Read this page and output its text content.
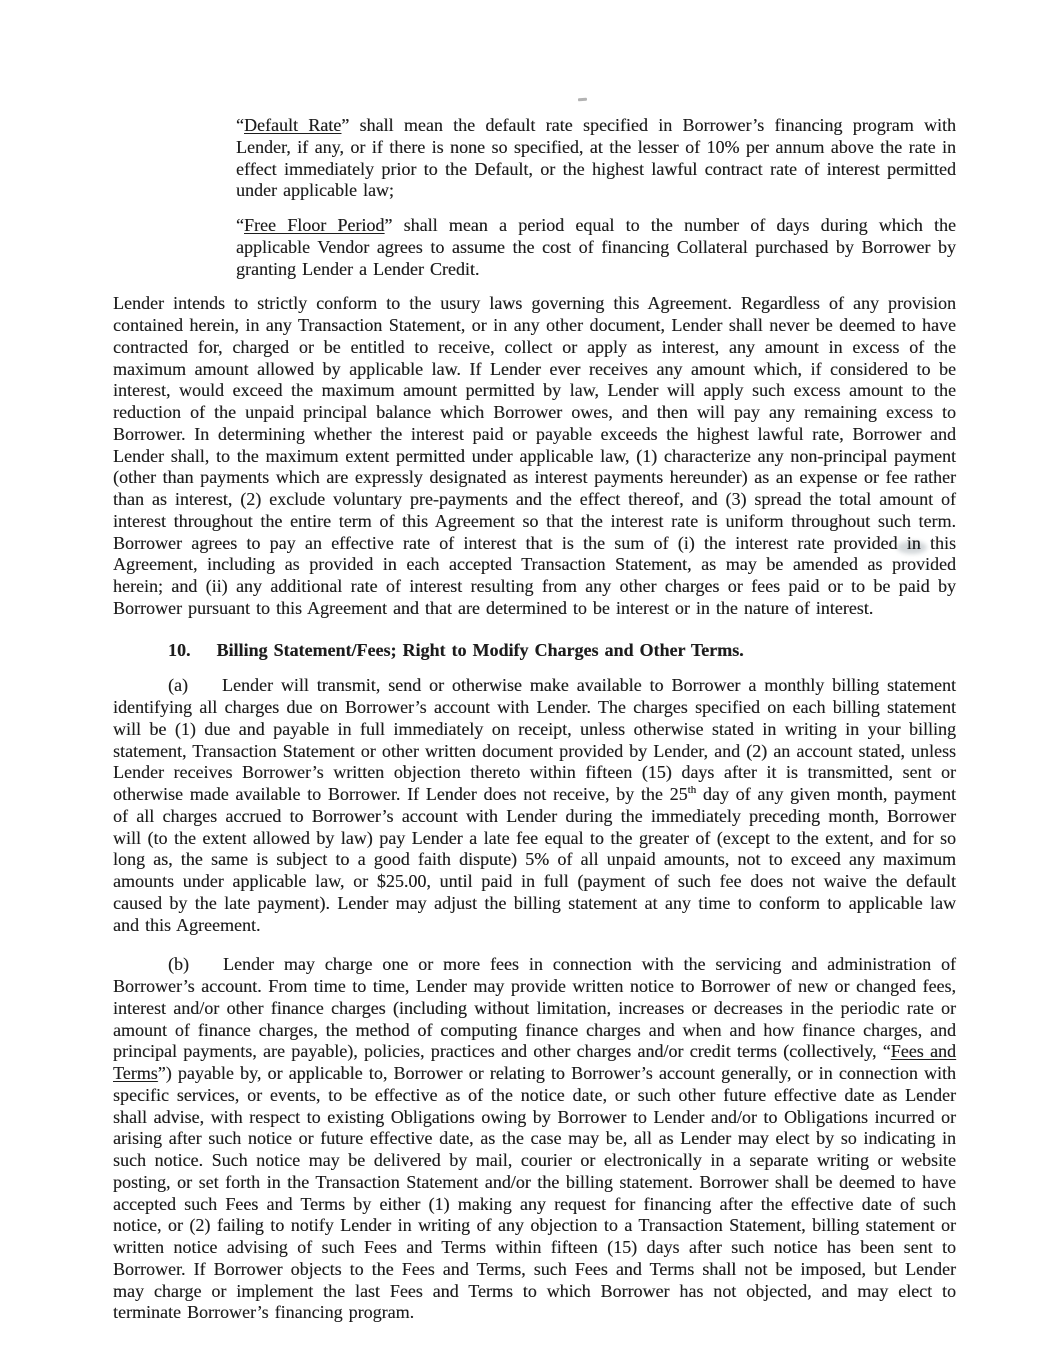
“Default Rate” shall mean the default rate specified in Borrower’s financing program with Lender, if any, or if there is none so specified, at the lesser of 10% per annum above the rate in effect immediately prior to the Default, or the highest lawful contract rate of interest permitted under applicable law;
“Free Floor Period” shall mean a period equal to the number of days during which the applicable Vendor agrees to assume the cost of financing Collateral purchased by Borrower by granting Lender a Lender Credit.
Lender intends to strictly conform to the usury laws governing this Agreement. Regardless of any provision contained herein, in any Transaction Statement, or in any other document, Lender shall never be deemed to have contracted for, charged or be entitled to receive, collect or apply as interest, any amount in excess of the maximum amount allowed by applicable law. If Lender ever receives any amount which, if considered to be interest, would exceed the maximum amount permitted by law, Lender will apply such excess amount to the reduction of the unpaid principal balance which Borrower owes, and then will pay any remaining excess to Borrower. In determining whether the interest paid or payable exceeds the highest lawful rate, Borrower and Lender shall, to the maximum extent permitted under applicable law, (1) characterize any non-principal payment (other than payments which are expressly designated as interest payments hereunder) as an expense or fee rather than as interest, (2) exclude voluntary pre-payments and the effect thereof, and (3) spread the total amount of interest throughout the entire term of this Agreement so that the interest rate is uniform throughout such term. Borrower agrees to pay an effective rate of interest that is the sum of (i) the interest rate provided in this Agreement, including as provided in each accepted Transaction Statement, as may be amended as provided herein; and (ii) any additional rate of interest resulting from any other charges or fees paid or to be paid by Borrower pursuant to this Agreement and that are determined to be interest or in the nature of interest.
10. Billing Statement/Fees; Right to Modify Charges and Other Terms.
(a) Lender will transmit, send or otherwise make available to Borrower a monthly billing statement identifying all charges due on Borrower’s account with Lender. The charges specified on each billing statement will be (1) due and payable in full immediately on receipt, unless otherwise stated in writing in your billing statement, Transaction Statement or other written document provided by Lender, and (2) an account stated, unless Lender receives Borrower’s written objection thereto within fifteen (15) days after it is transmitted, sent or otherwise made available to Borrower. If Lender does not receive, by the 25th day of any given month, payment of all charges accrued to Borrower’s account with Lender during the immediately preceding month, Borrower will (to the extent allowed by law) pay Lender a late fee equal to the greater of (except to the extent, and for so long as, the same is subject to a good faith dispute) 5% of all unpaid amounts, not to exceed any maximum amounts under applicable law, or $25.00, until paid in full (payment of such fee does not waive the default caused by the late payment). Lender may adjust the billing statement at any time to conform to applicable law and this Agreement.
(b) Lender may charge one or more fees in connection with the servicing and administration of Borrower’s account. From time to time, Lender may provide written notice to Borrower of new or changed fees, interest and/or other finance charges (including without limitation, increases or decreases in the periodic rate or amount of finance charges, the method of computing finance charges and when and how finance charges, and principal payments, are payable), policies, practices and other charges and/or credit terms (collectively, “Fees and Terms”) payable by, or applicable to, Borrower or relating to Borrower’s account generally, or in connection with specific services, or events, to be effective as of the notice date, or such other future effective date as Lender shall advise, with respect to existing Obligations owing by Borrower to Lender and/or to Obligations incurred or arising after such notice or future effective date, as the case may be, all as Lender may elect by so indicating in such notice. Such notice may be delivered by mail, courier or electronically in a separate writing or website posting, or set forth in the Transaction Statement and/or the billing statement. Borrower shall be deemed to have accepted such Fees and Terms by either (1) making any request for financing after the effective date of such notice, or (2) failing to notify Lender in writing of any objection to a Transaction Statement, billing statement or written notice advising of such Fees and Terms within fifteen (15) days after such notice has been sent to Borrower. If Borrower objects to the Fees and Terms, such Fees and Terms shall not be imposed, but Lender may charge or implement the last Fees and Terms to which Borrower has not objected, and may elect to terminate Borrower’s financing program.
